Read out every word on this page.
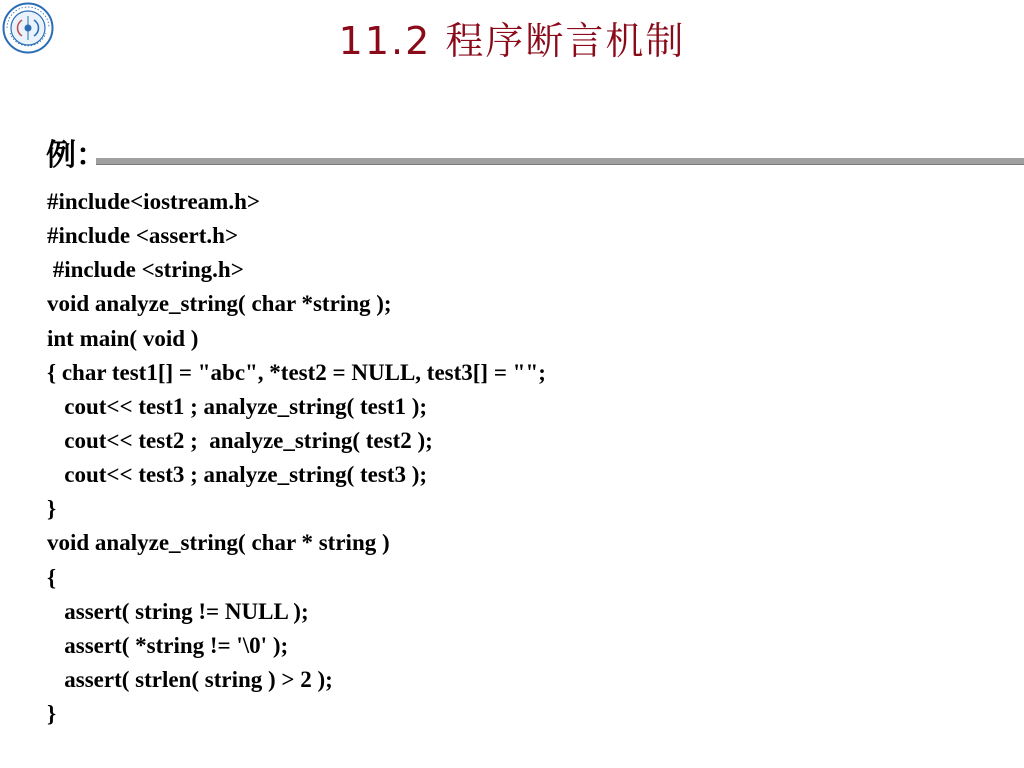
11.2 程序断言机制
例：
#include<iostream.h>
#include <assert.h>
#include <string.h>
void analyze_string( char *string );
int main( void )
{ char test1[] = "abc", *test2 = NULL, test3[] = "";
cout<< test1 ; analyze_string( test1 );
cout<< test2 ;  analyze_string( test2 );
cout<< test3 ; analyze_string( test3 );
}
void analyze_string( char * string )
{
assert( string != NULL );
assert( *string != '\0' );
assert( strlen( string ) > 2 );
}
